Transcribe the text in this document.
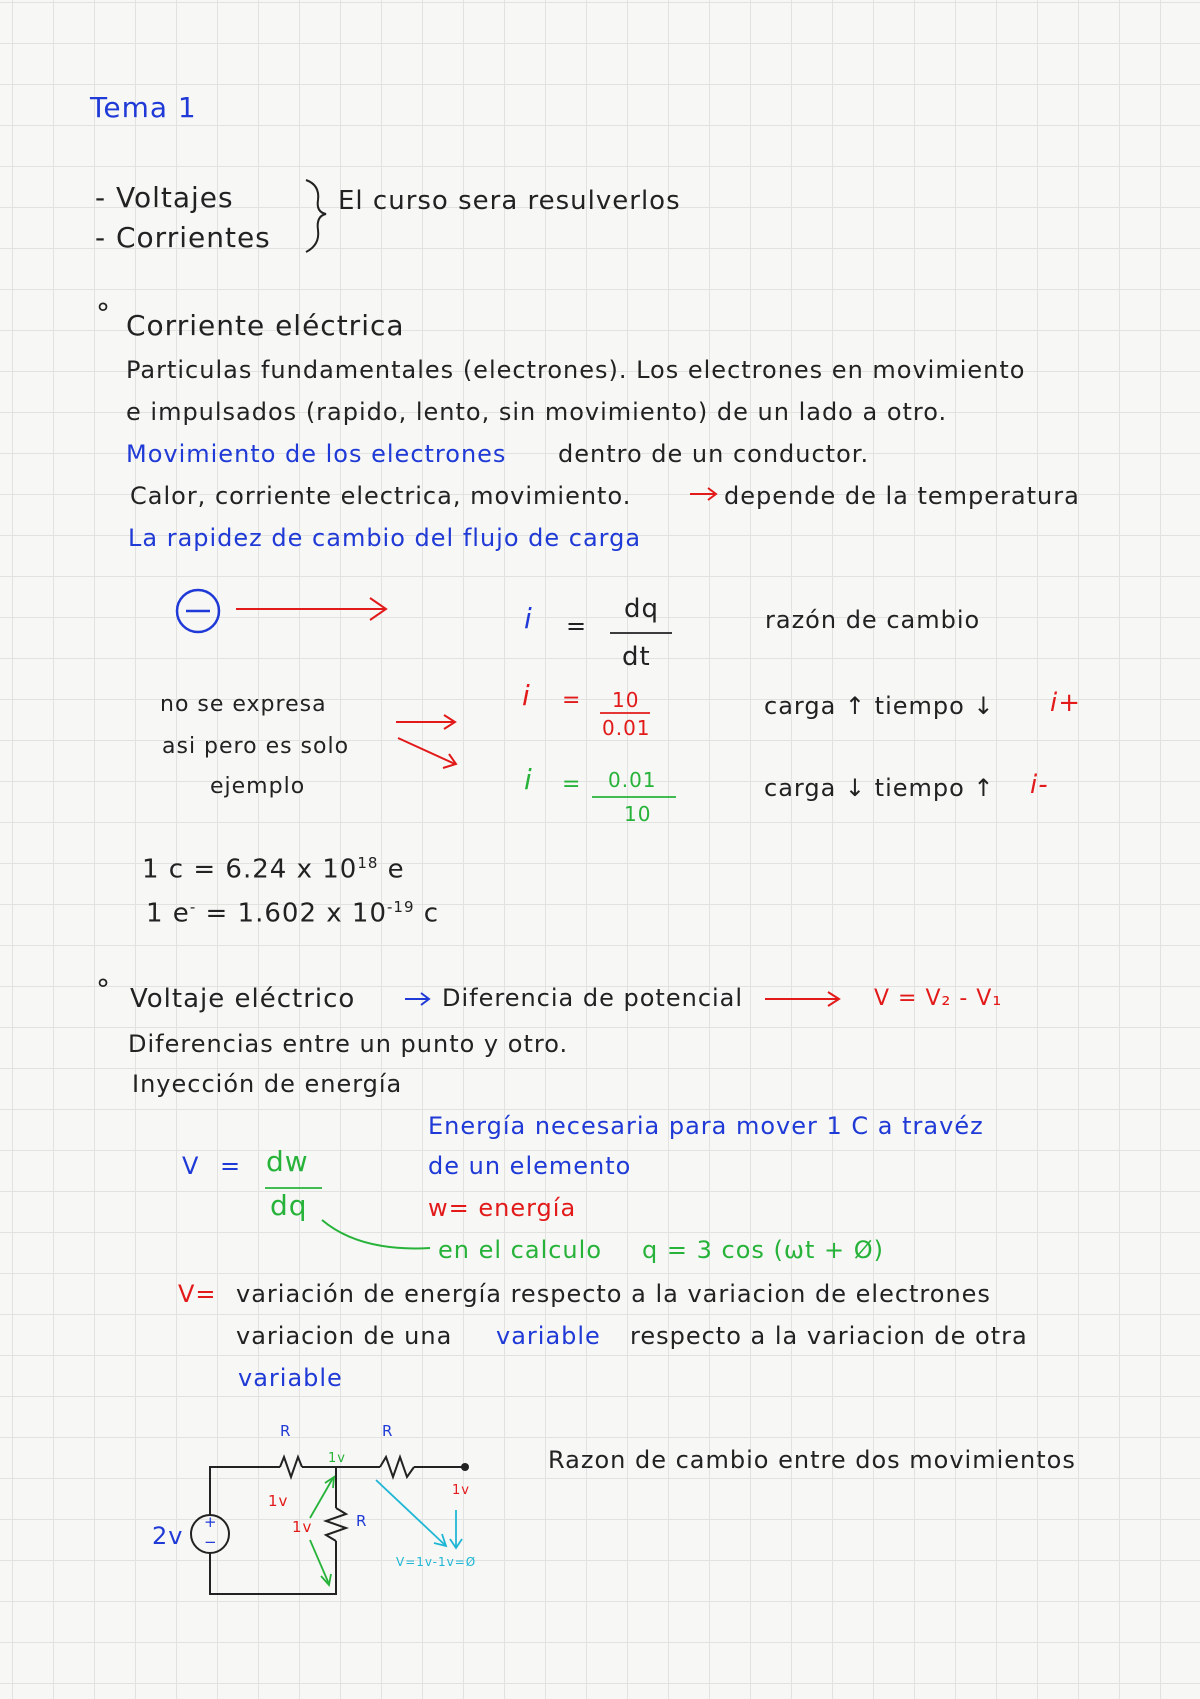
Tema 1
- Voltajes
- Corrientes
El curso sera resulverlos
° Corriente eléctrica
Particulas fundamentales (electrones). Los electrones en movimiento
e impulsados (rapido, lento, sin movimiento) de un lado a otro.
Movimiento de los electrones dentro de un conductor.
Calor, corriente electrica, movimiento.	depende de la temperatura
La rapidez de cambio del flujo de carga
i =
dq
dt
razón de cambio
no se expresa
asi pero es solo
ejemplo
i = 10
0.01
carga ↑ tiempo ↓ i+
i = 0.01
10
carga ↓ tiempo ↑ i-
1 c = 6.24 x $10^{18}$ e
1 e- = 1.602 x $10^{-19}$ c
° Voltaje eléctrico	Diferencia de potencial	V = V₂ - V₁
Diferencias entre un punto y otro.
Inyección de energía
Energía necesaria para mover 1 C a travéz
de un elemento
w= energía
en el calculo q = 3 cos (ωt + Ø)
V = dw
dq
V= variación de energía respecto a la variacion de electrones
variacion de una variable respecto a la variacion de otra
variable
2v +
−
R	R
R
1v
1v
1v
1v
V=1v-1v=Ø
Razon de cambio entre dos movimientos
